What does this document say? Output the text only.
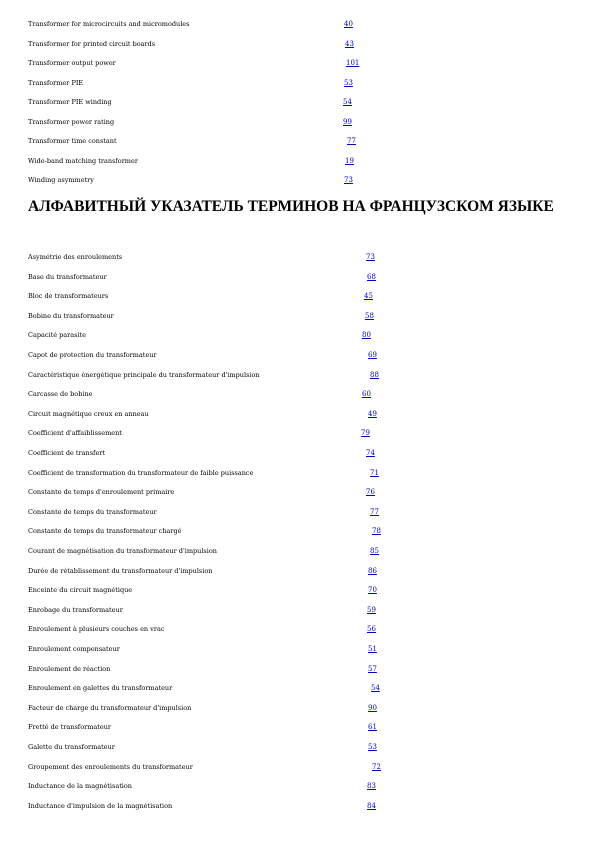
Transformer for microcircuits and micromodules	40
Transformer for printed circuit boards	43
Transformer output power	101
Transformer PIE	53
Transformer PIE winding	54
Transformer power rating	99
Transformer time constant	77
Wide-band matching transformer	19
Winding asymmetry	73
АЛФАВИТНЫЙ УКАЗАТЕЛЬ ТЕРМИНОВ НА ФРАНЦУЗСКОМ ЯЗЫКЕ
Asymétrie des enroulements	73
Base du transformateur	68
Bloc de transformateurs	45
Bobine du transformateur	58
Capacité parasite	80
Capot de protection du transformateur	69
Caractéristique énergétique principale du transformateur d'impulsion	88
Carcasse de bobine	60
Circuit magnétique creux en anneau	49
Coefficient d'affaiblissement	79
Coefficient de transfert	74
Coefficient de transformation du transformateur de faible puissance	71
Constante de temps d'enroulement primaire	76
Constante de temps du transformateur	77
Constante de temps du transformateur chargé	78
Courant de magnétisation du transformateur d'impulsion	85
Durée de rétablissement du transformateur d'impulsion	86
Enceinte du circuit magnétique	70
Enrobage du transformateur	59
Enroulement à plusieurs couches en vrac	56
Enroulement compensateur	51
Enroulement de réaction	57
Enroulement en galettes du transformateur	54
Facteur de charge du transformateur d'impulsion	90
Fretté de transformateur	61
Galette du transformateur	53
Groupement des enroulements du transformateur	72
Inductance de la magnétisation	83
Inductance d'impulsion de la magnétisation	84
